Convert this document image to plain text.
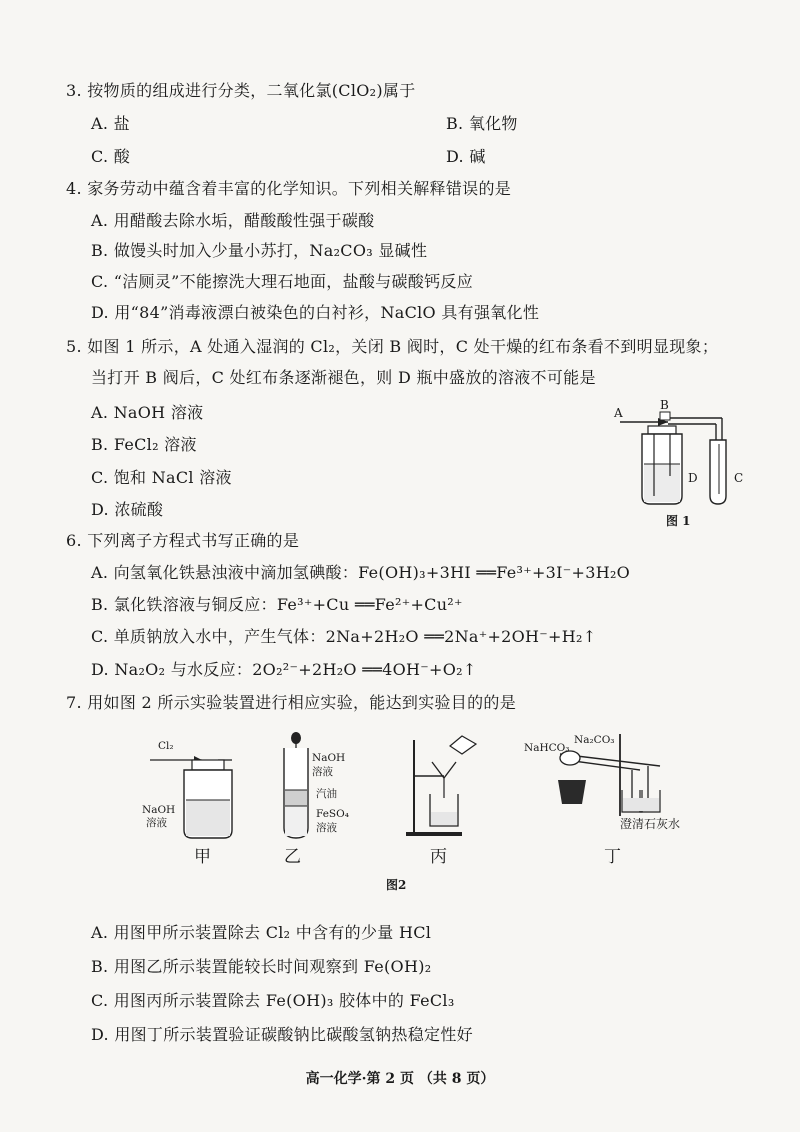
3. 按物质的组成进行分类，二氧化氯(ClO₂)属于
A. 盐	B. 氧化物
C. 酸	D. 碱
4. 家务劳动中蕴含着丰富的化学知识。下列相关解释错误的是
A. 用醋酸去除水垢，醋酸酸性强于碳酸
B. 做馒头时加入少量小苏打，Na₂CO₃ 显碱性
C. “洁厕灵”不能擦洗大理石地面，盐酸与碳酸钙反应
D. 用“84”消毒液漂白被染色的白衬衫，NaClO 具有强氧化性
5. 如图 1 所示，A 处通入湿润的 Cl₂，关闭 B 阀时，C 处干燥的红布条看不到明显现象；
当打开 B 阀后，C 处红布条逐渐褪色，则 D 瓶中盛放的溶液不可能是
A. NaOH 溶液
B. FeCl₂ 溶液
C. 饱和 NaCl 溶液
D. 浓硫酸
A
B
C
D
图 1
6. 下列离子方程式书写正确的是
A. 向氢氧化铁悬浊液中滴加氢碘酸：Fe(OH)₃+3HI ══Fe³⁺+3I⁻+3H₂O
B. 氯化铁溶液与铜反应：Fe³⁺+Cu ══Fe²⁺+Cu²⁺
C. 单质钠放入水中，产生气体：2Na+2H₂O ══2Na⁺+2OH⁻+H₂↑
D. Na₂O₂ 与水反应：2O₂²⁻+2H₂O ══4OH⁻+O₂↑
7. 用如图 2 所示实验装置进行相应实验，能达到实验目的的是
Cl₂
NaOH
溶液
甲
NaOH
溶液
汽油
FeSO₄
溶液
乙	丙
NaHCO₃
Na₂CO₃
澄清石灰水
丁
图2
A. 用图甲所示装置除去 Cl₂ 中含有的少量 HCl
B. 用图乙所示装置能较长时间观察到 Fe(OH)₂
C. 用图丙所示装置除去 Fe(OH)₃ 胶体中的 FeCl₃
D. 用图丁所示装置验证碳酸钠比碳酸氢钠热稳定性好
高一化学·第 2 页 （共 8 页）
